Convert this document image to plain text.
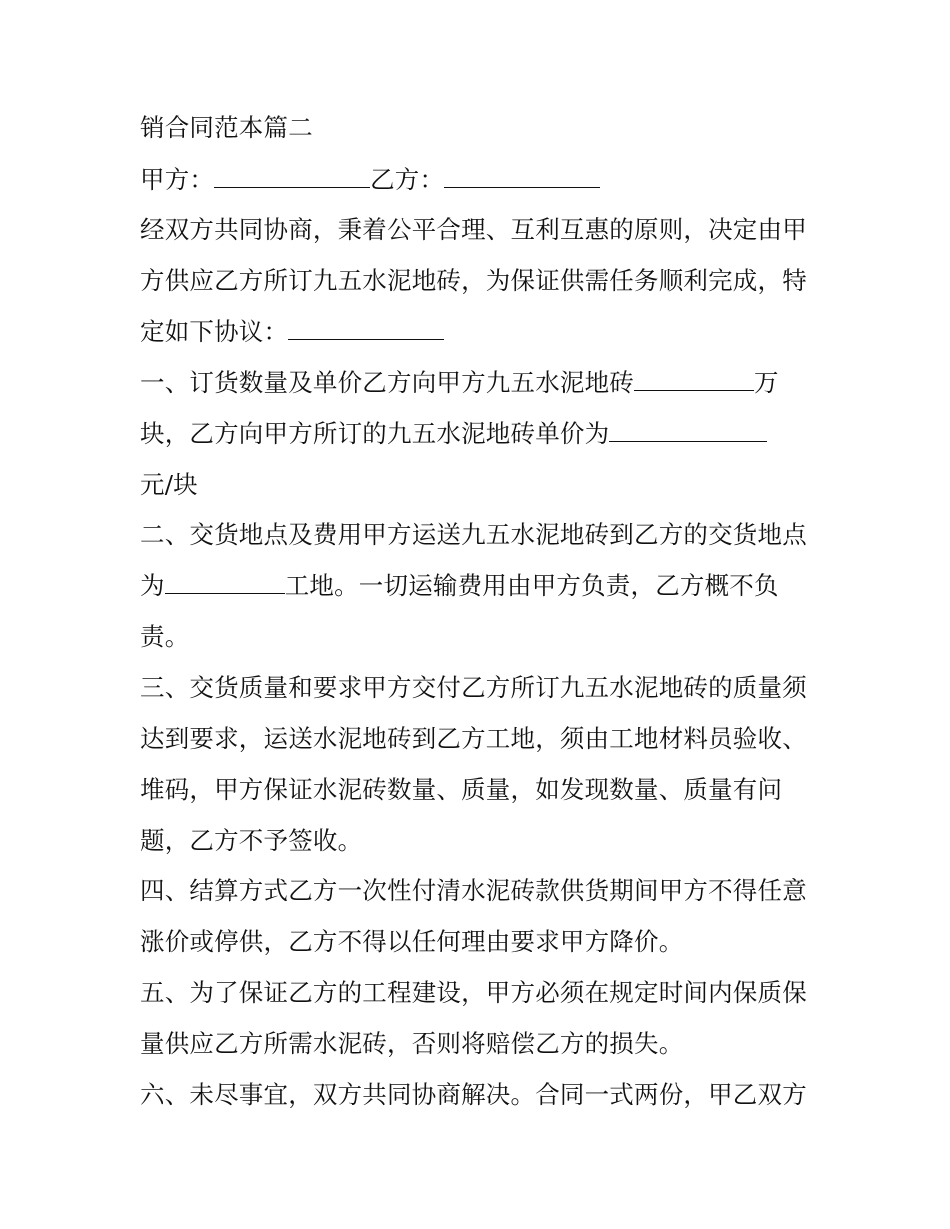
销合同范本篇二
甲方：	乙方：
经双方共同协商，秉着公平合理、互利互惠的原则，决定由甲
方供应乙方所订九五水泥地砖，为保证供需任务顺利完成，特
定如下协议：
一、订货数量及单价乙方向甲方九五水泥地砖	万
块，乙方向甲方所订的九五水泥地砖单价为
元/块
二、交货地点及费用甲方运送九五水泥地砖到乙方的交货地点
为	工地。一切运输费用由甲方负责，乙方概不负
责。
三、交货质量和要求甲方交付乙方所订九五水泥地砖的质量须
达到要求，运送水泥地砖到乙方工地，须由工地材料员验收、
堆码，甲方保证水泥砖数量、质量，如发现数量、质量有问
题，乙方不予签收。
四、结算方式乙方一次性付清水泥砖款供货期间甲方不得任意
涨价或停供，乙方不得以任何理由要求甲方降价。
五、为了保证乙方的工程建设，甲方必须在规定时间内保质保
量供应乙方所需水泥砖，否则将赔偿乙方的损失。
六、未尽事宜，双方共同协商解决。合同一式两份，甲乙双方
